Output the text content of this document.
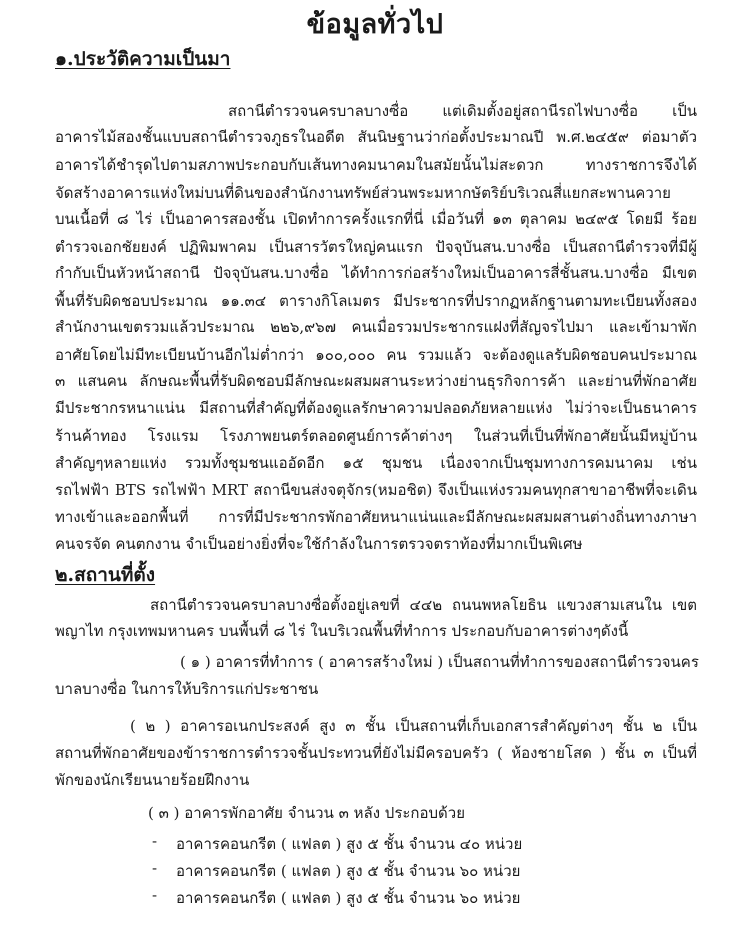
ข้อมูลทั่วไป
๑.ประวัติความเป็นมา
สถานีตำรวจนครบาลบางซื่อ แต่เดิมตั้งอยู่สถานีรถไฟบางซื่อ เป็น
อาคารไม้สองชั้นแบบสถานีตำรวจภูธรในอดีต สันนิษฐานว่าก่อตั้งประมาณปี พ.ศ.๒๔๕๙ ต่อมาตัว
อาคารได้ชำรุดไปตามสภาพประกอบกับเส้นทางคมนาคมในสมัยนั้นไม่สะดวก ทางราชการจึงได้
จัดสร้างอาคารแห่งใหม่บนที่ดินของสำนักงานทรัพย์ส่วนพระมหากษัตริย์บริเวณสี่แยกสะพานควาย
บนเนื้อที่ ๘ ไร่ เป็นอาคารสองชั้น เปิดทำการครั้งแรกที่นี่ เมื่อวันที่ ๑๓ ตุลาคม ๒๔๙๕ โดยมี ร้อย
ตำรวจเอกชัยยงค์ ปฏิพิมพาคม เป็นสารวัตรใหญ่คนแรก ปัจจุบันสน.บางซื่อ เป็นสถานีตำรวจที่มีผู้
กำกับเป็นหัวหน้าสถานี ปัจจุบันสน.บางซื่อ ได้ทำการก่อสร้างใหม่เป็นอาคารสี่ชั้นสน.บางซื่อ มีเขต
พื้นที่รับผิดชอบประมาณ ๑๑.๓๔ ตารางกิโลเมตร มีประชากรที่ปรากฏหลักฐานตามทะเบียนทั้งสอง
สำนักงานเขตรวมแล้วประมาณ ๒๒๖,๙๖๗ คนเมื่อรวมประชากรแฝงที่สัญจรไปมา และเข้ามาพัก
อาศัยโดยไม่มีทะเบียนบ้านอีกไม่ต่ำกว่า ๑๐๐,๐๐๐ คน รวมแล้ว จะต้องดูแลรับผิดชอบคนประมาณ
๓ แสนคน ลักษณะพื้นที่รับผิดชอบมีลักษณะผสมผสานระหว่างย่านธุรกิจการค้า และย่านที่พักอาศัย
มีประชากรหนาแน่น มีสถานที่สำคัญที่ต้องดูแลรักษาความปลอดภัยหลายแห่ง ไม่ว่าจะเป็นธนาคาร
ร้านค้าทอง โรงแรม โรงภาพยนตร์ตลอดศูนย์การค้าต่างๆ ในส่วนที่เป็นที่พักอาศัยนั้นมีหมู่บ้าน
สำคัญๆหลายแห่ง รวมทั้งชุมชนแออัดอีก ๑๕ ชุมชน เนื่องจากเป็นชุมทางการคมนาคม เช่น
รถไฟฟ้า BTS รถไฟฟ้า MRT สถานีขนส่งจตุจักร(หมอชิต) จึงเป็นแห่งรวมคนทุกสาขาอาชีพที่จะเดิน
ทางเข้าและออกพื้นที่ การที่มีประชากรพักอาศัยหนาแน่นและมีลักษณะผสมผสานต่างถิ่นทางภาษา
คนจรจัด คนตกงาน จำเป็นอย่างยิ่งที่จะใช้กำลังในการตรวจตราท้องที่มากเป็นพิเศษ
๒.สถานที่ตั้ง
สถานีตำรวจนครบาลบางซื่อตั้งอยู่เลขที่ ๔๔๒ ถนนพหลโยธิน แขวงสามเสนใน เขต
พญาไท กรุงเทพมหานคร บนพื้นที่ ๘ ไร่ ในบริเวณพื้นที่ทำการ ประกอบกับอาคารต่างๆดังนี้
( ๑ ) อาคารที่ทำการ ( อาคารสร้างใหม่ ) เป็นสถานที่ทำการของสถานีตำรวจนคร
บาลบางซื่อ ในการให้บริการแก่ประชาชน
( ๒ ) อาคารอเนกประสงค์ สูง ๓ ชั้น เป็นสถานที่เก็บเอกสารสำคัญต่างๆ ชั้น ๒ เป็น
สถานที่พักอาศัยของข้าราชการตำรวจชั้นประทวนที่ยังไม่มีครอบครัว ( ห้องชายโสด ) ชั้น ๓ เป็นที่
พักของนักเรียนนายร้อยฝึกงาน
( ๓ ) อาคารพักอาศัย จำนวน ๓ หลัง ประกอบด้วย
- อาคารคอนกรีต ( แฟลต ) สูง ๕ ชั้น จำนวน ๔๐ หน่วย
- อาคารคอนกรีต ( แฟลต ) สูง ๕ ชั้น จำนวน ๖๐ หน่วย
- อาคารคอนกรีต ( แฟลต ) สูง ๕ ชั้น จำนวน ๖๐ หน่วย
